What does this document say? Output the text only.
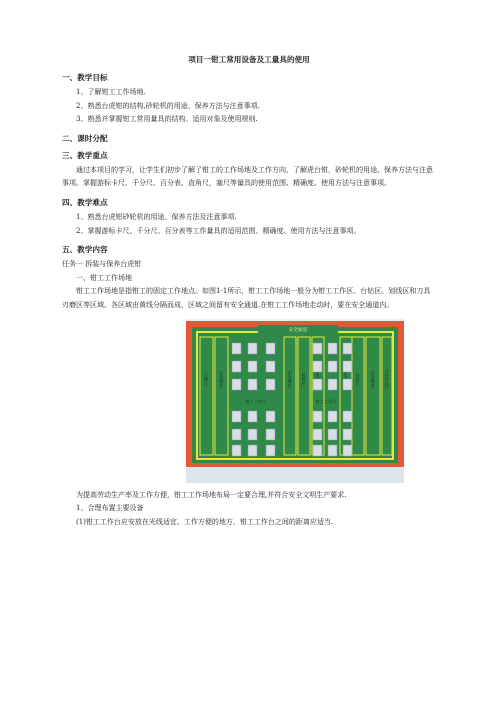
项目一钳工常用设备及工量具的使用
一、教学目标
1、了解钳工工作场地.
2、熟悉台虎钳的结构,砂轮机的用途、保养方法与注意事项.
3、熟悉并掌握钳工常用量具的结构、适用对象及使用规则.
二、课时分配
三、教学重点

通过本项目的学习，让学生们初步了解了钳工的工作场地及工作方向，了解虎台钳，砂轮机的用途、保养方法与注意事项。掌握游标卡尺、千分尺、百分表、直角尺，塞尺等量具的使用范围、精确度、使用方法与注意事项。

四、教学难点
1、熟悉台虎钳砂轮机的用途、保养方法及注意事项.
2、掌握游标卡尺、千分尺、百分表等工作量具的适用范围、精确度、使用方法与注意事项。
五、教学内容
任务一 拆装与保养台虎钳
一、钳工工作场地

钳工工作场地是指钳工的固定工作地点。如图1-1所示，钳工工作场地一般分为钳工工作区、台钻区、划线区和刀具刃磨区等区域。各区域由黄线分隔而成，区域之间留有安全通道.在钳工工作场地走动时，要在安全通道内。

安全通道
刃磨区 安全通道
钳工工作区
安全通道 检测区
钳工工作区
台钻区 安全通道 刀具存放区

为提高劳动生产率及工作方便，钳工工作场地布局一定要合理,并符合安全文明生产要求.

1、合理布置主要设备
(1)钳工工作台应安放在光线适宜、工作方便的地方，钳工工作台之间的距离应适当.
